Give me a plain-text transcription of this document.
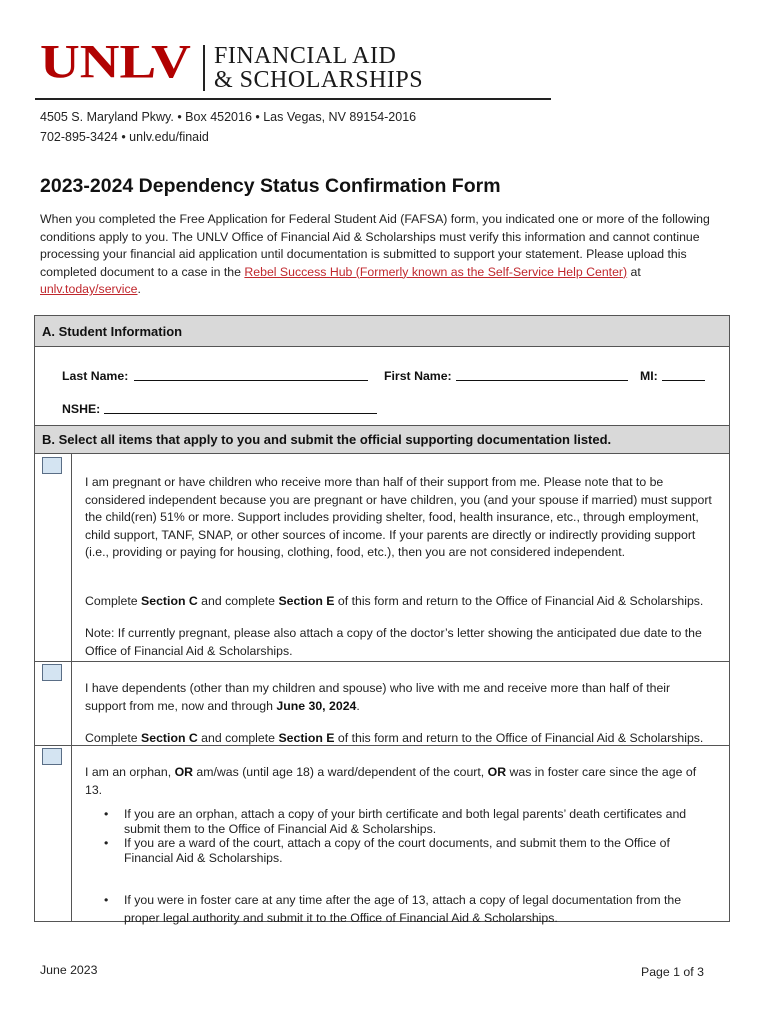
UNLV FINANCIAL AID
& SCHOLARSHIPS
4505 S. Maryland Pkwy. • Box 452016 • Las Vegas, NV 89154-2016
702-895-3424 • unlv.edu/finaid
2023-2024 Dependency Status Confirmation Form
When you completed the Free Application for Federal Student Aid (FAFSA) form, you indicated one or more of the following conditions apply to you. The UNLV Office of Financial Aid & Scholarships must verify this information and cannot continue processing your financial aid application until documentation is submitted to support your statement. Please upload this completed document to a case in the Rebel Success Hub (Formerly known as the Self-Service Help Center) at unlv.today/service.
A. Student Information
Last Name:	First Name:	MI:
NSHE:
B. Select all items that apply to you and submit the official supporting documentation listed.
I am pregnant or have children who receive more than half of their support from me. Please note that to be considered independent because you are pregnant or have children, you (and your spouse if married) must support the child(ren) 51% or more. Support includes providing shelter, food, health insurance, etc., through employment, child support, TANF, SNAP, or other sources of income. If your parents are directly or indirectly providing support (i.e., providing or paying for housing, clothing, food, etc.), then you are not considered independent.
Complete Section C and complete Section E of this form and return to the Office of Financial Aid & Scholarships.
Note: If currently pregnant, please also attach a copy of the doctor’s letter showing the anticipated due date to the Office of Financial Aid & Scholarships.
I have dependents (other than my children and spouse) who live with me and receive more than half of their support from me, now and through June 30, 2024.
Complete Section C and complete Section E of this form and return to the Office of Financial Aid & Scholarships.
I am an orphan, OR am/was (until age 18) a ward/dependent of the court, OR was in foster care since the age of 13.
• If you are an orphan, attach a copy of your birth certificate and both legal parents’ death certificates and submit them to the Office of Financial Aid & Scholarships.
• If you are a ward of the court, attach a copy of the court documents, and submit them to the Office of Financial Aid & Scholarships.
• If you were in foster care at any time after the age of 13, attach a copy of legal documentation from the proper legal authority and submit it to the Office of Financial Aid & Scholarships.
June 2023	Page 1 of 3
